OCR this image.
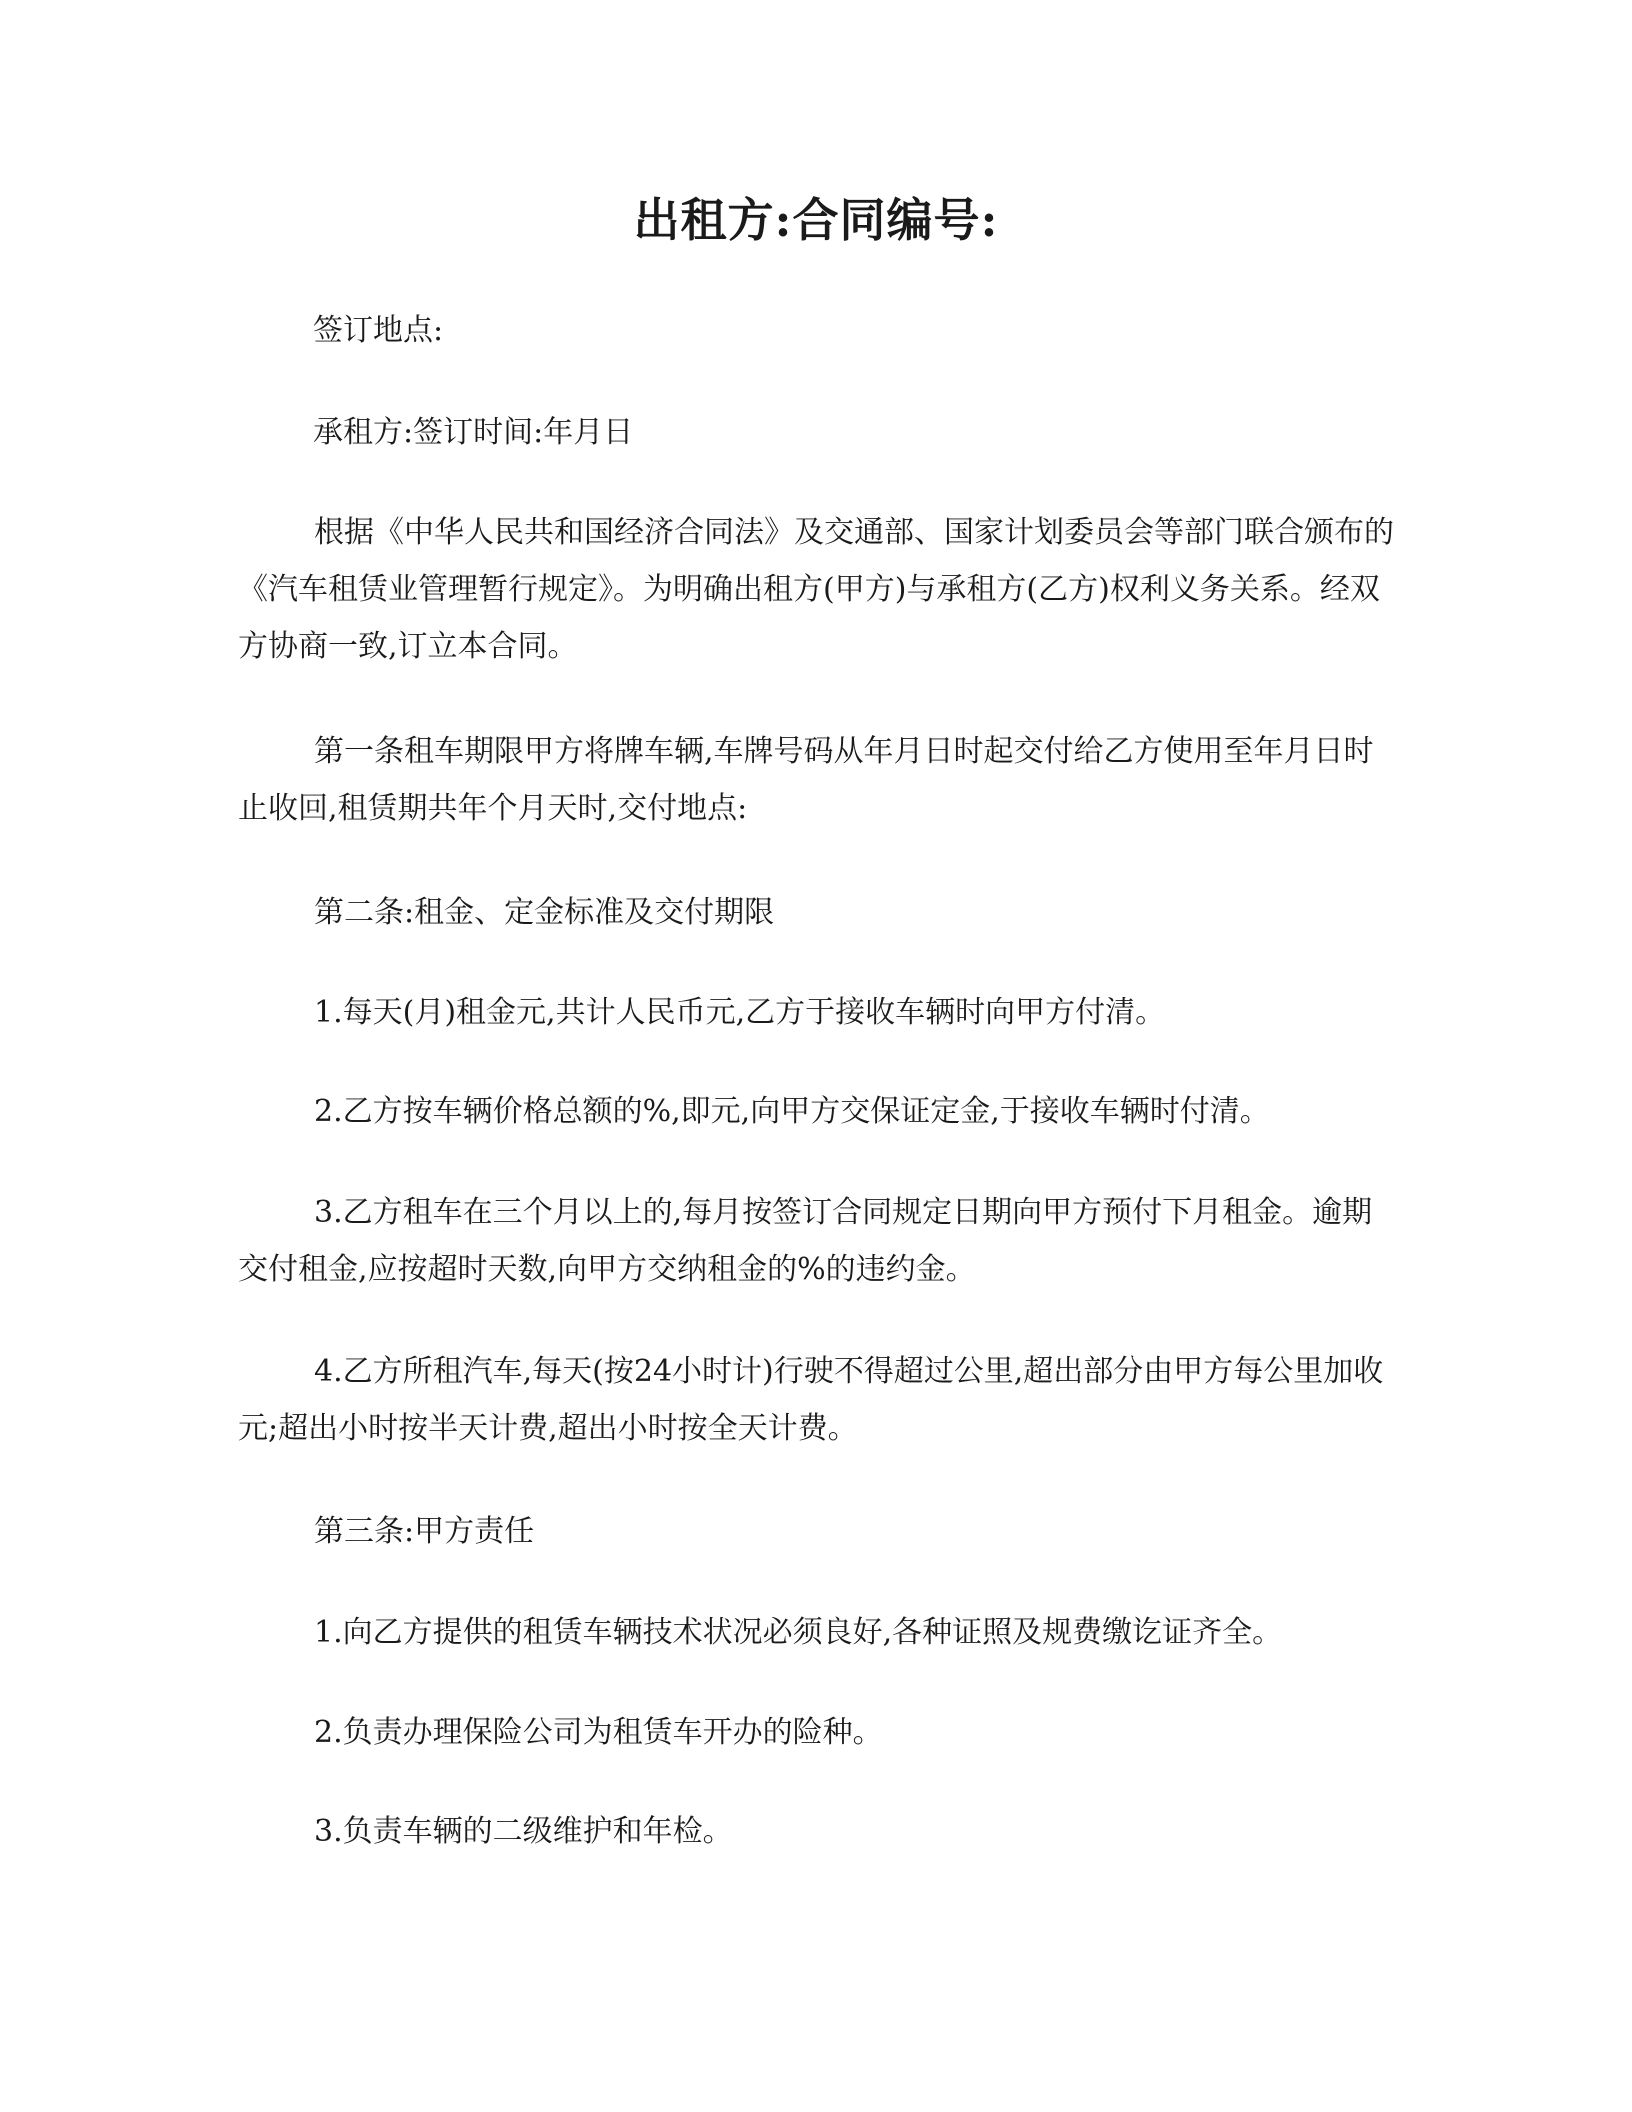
出租方:合同编号:
签订地点:
承租方:签订时间:年月日
根据《中华人民共和国经济合同法》及交通部、国家计划委员会等部门联合颁布的《汽车租赁业管理暂行规定》。为明确出租方(甲方)与承租方(乙方)权利义务关系。经双方协商一致,订立本合同。
第一条租车期限甲方将牌车辆,车牌号码从年月日时起交付给乙方使用至年月日时止收回,租赁期共年个月天时,交付地点:
第二条:租金、定金标准及交付期限
1.每天(月)租金元,共计人民币元,乙方于接收车辆时向甲方付清。
2.乙方按车辆价格总额的%,即元,向甲方交保证定金,于接收车辆时付清。
3.乙方租车在三个月以上的,每月按签订合同规定日期向甲方预付下月租金。逾期交付租金,应按超时天数,向甲方交纳租金的%的违约金。
4.乙方所租汽车,每天(按24小时计)行驶不得超过公里,超出部分由甲方每公里加收元;超出小时按半天计费,超出小时按全天计费。
第三条:甲方责任
1.向乙方提供的租赁车辆技术状况必须良好,各种证照及规费缴讫证齐全。
2.负责办理保险公司为租赁车开办的险种。
3.负责车辆的二级维护和年检。
